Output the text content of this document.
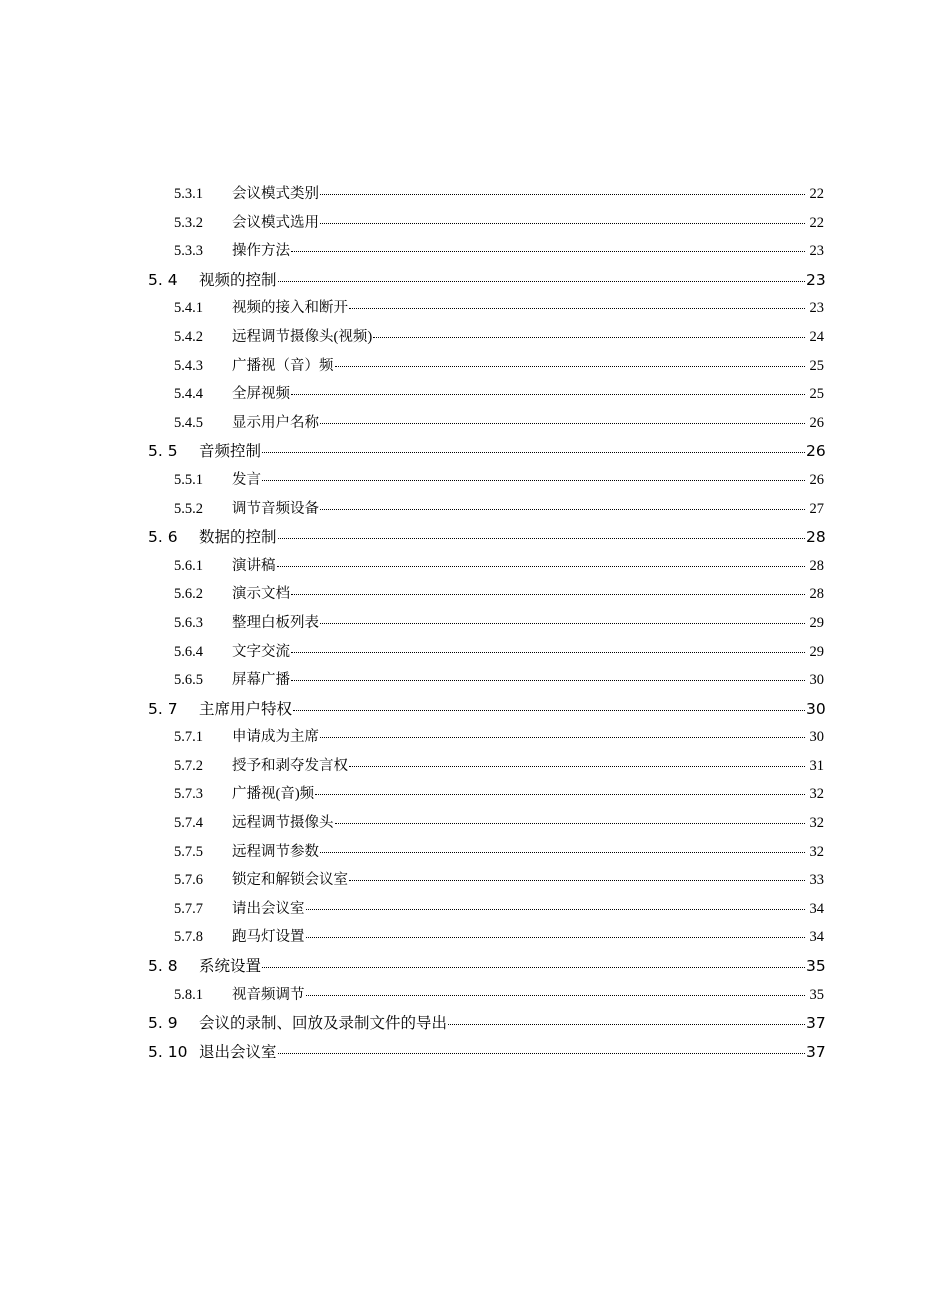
5.3.1	会议模式类别	22
5.3.2	会议模式选用	22
5.3.3	操作方法	23
5. 4	视频的控制	23
5.4.1	视频的接入和断开	23
5.4.2	远程调节摄像头(视频)	24
5.4.3	广播视（音）频	25
5.4.4	全屏视频	25
5.4.5	显示用户名称	26
5. 5	音频控制	26
5.5.1	发言	26
5.5.2	调节音频设备	27
5. 6	数据的控制	28
5.6.1	演讲稿	28
5.6.2	演示文档	28
5.6.3	整理白板列表	29
5.6.4	文字交流	29
5.6.5	屏幕广播	30
5. 7	主席用户特权	30
5.7.1	申请成为主席	30
5.7.2	授予和剥夺发言权	31
5.7.3	广播视(音)频	32
5.7.4	远程调节摄像头	32
5.7.5	远程调节参数	32
5.7.6	锁定和解锁会议室	33
5.7.7	请出会议室	34
5.7.8	跑马灯设置	34
5. 8	系统设置	35
5.8.1	视音频调节	35
5. 9	会议的录制、回放及录制文件的导出	37
5. 10 退出会议室	37
